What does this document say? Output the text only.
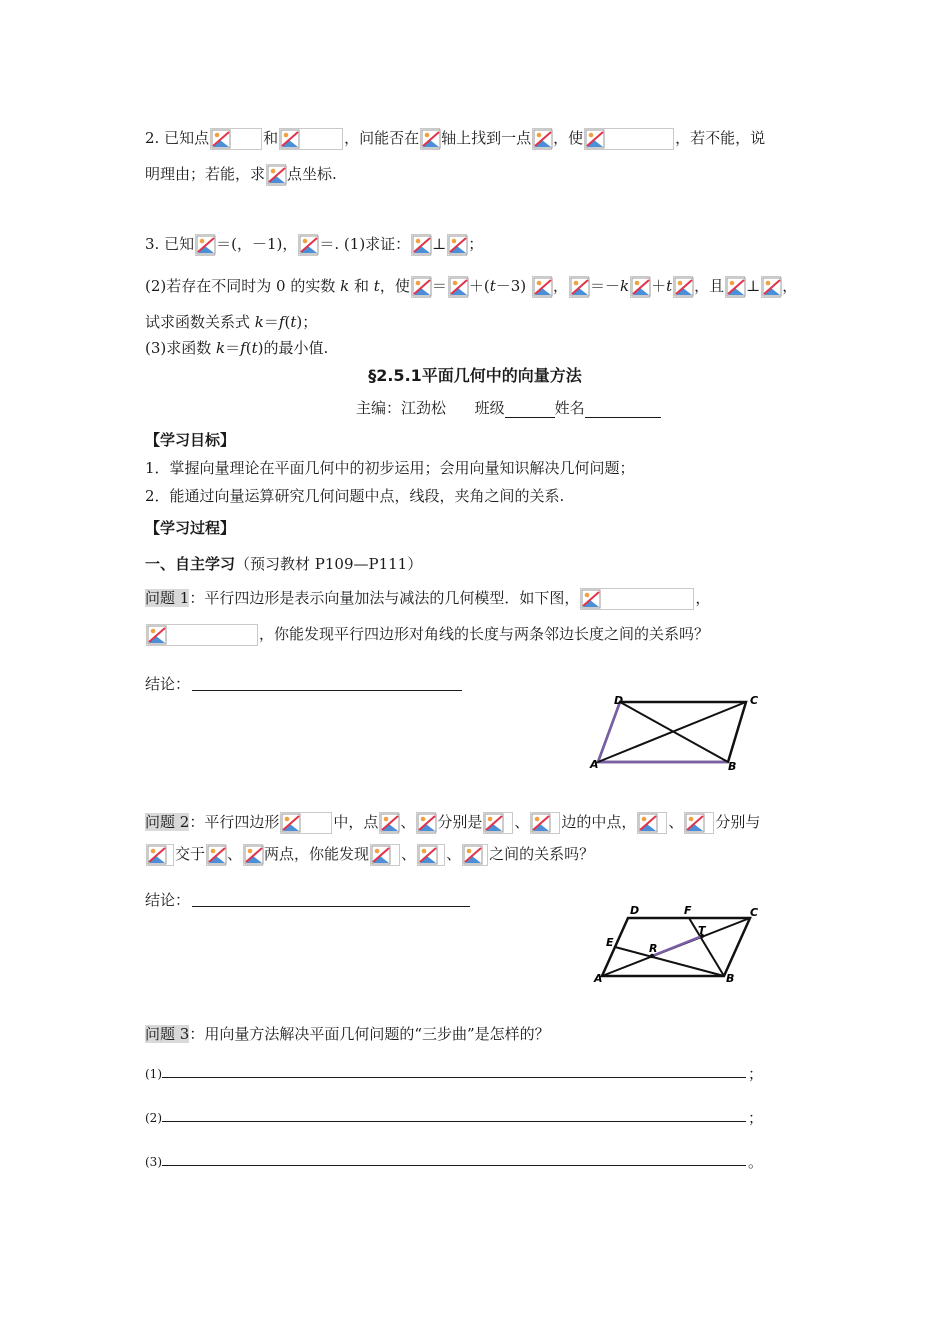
2. 已知点	和	，问能否在 轴上找到一点 ，使	，若不能，说
明理由；若能，求 点坐标.
3. 已知 ＝(，－1)， ＝. (1)求证： ⊥ ；
(2)若存在不同时为 0 的实数 k 和 t，使 ＝ ＋(t－3) ， ＝－k ＋t ，且 ⊥ ，
试求函数关系式 k＝f(t)；
(3)求函数 k＝f(t)的最小值.
§2.5.1平面几何中的向量方法
主编：江劲松 班级	姓名
【学习目标】
1．掌握向量理论在平面几何中的初步运用；会用向量知识解决几何问题；
2．能通过向量运算研究几何问题中点，线段，夹角之间的关系.
【学习过程】
一、自主学习（预习教材 P109—P111）
问题 1：平行四边形是表示向量加法与减法的几何模型．如下图，	，
，你能发现平行四边形对角线的长度与两条邻边长度之间的关系吗？
结论：
D	C
A	B
问题 2：平行四边形	中，点 、 分别是 、 边的中点， 、 分别与
交于 、 两点，你能发现 、 、 之间的关系吗？
结论：
D	F	C
E	R
T
A	B
问题 3：用向量方法解决平面几何问题的“三步曲”是怎样的？
(1)	；
(2)	；
(3)	。
